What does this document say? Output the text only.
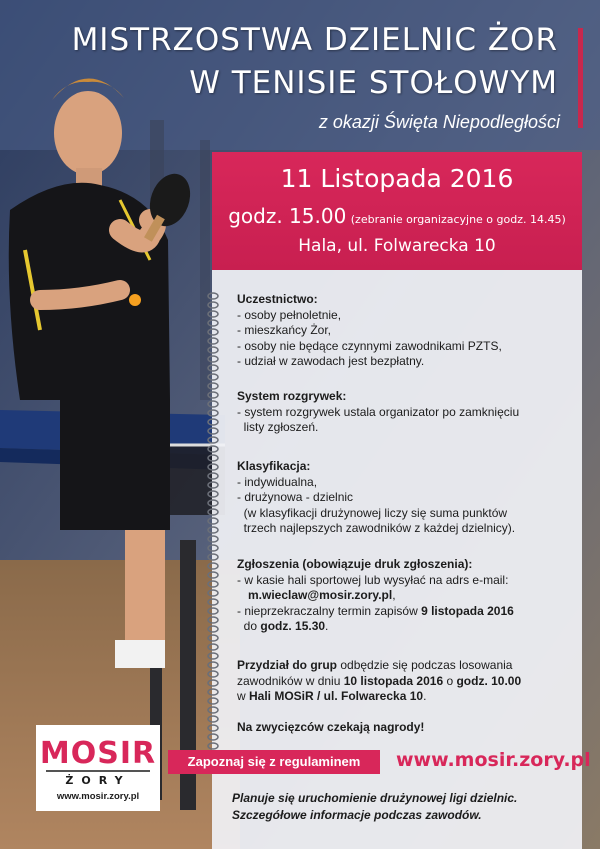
MISTRZOSTWA DZIELNIC ŻOR
W TENISIE STOŁOWYM
z okazji Święta Niepodległości
11 Listopada 2016
godz. 15.00 (zebranie organizacyjne o godz. 14.45)
Hala, ul. Folwarecka 10
Uczestnictwo:
- osoby pełnoletnie,
- mieszkańcy Żor,
- osoby nie będące czynnymi zawodnikami PZTS,
- udział w zawodach jest bezpłatny.
System rozgrywek:
- system rozgrywek ustala organizator po zamknięciu
listy zgłoszeń.
Klasyfikacja:
- indywidualna,
- drużynowa - dzielnic
(w klasyfikacji drużynowej liczy się suma punktów
trzech najlepszych zawodników z każdej dzielnicy).
Zgłoszenia (obowiązuje druk zgłoszenia):
- w kasie hali sportowej lub wysyłać na adrs e-mail:
m.wieclaw@mosir.zory.pl,
- nieprzekraczalny termin zapisów 9 listopada 2016
do godz. 15.30.
Przydział do grup odbędzie się podczas losowania
zawodników w dniu 10 listopada 2016 o godz. 10.00
w Hali MOSiR / ul. Folwarecka 10.
Na zwycięzców czekają nagrody!
Zapoznaj się z regulaminem	www.mosir.zory.pl
Planuje się uruchomienie drużynowej ligi dzielnic.
Szczegółowe informacje podczas zawodów.
MOSIR
ŻORY
www.mosir.zory.pl
